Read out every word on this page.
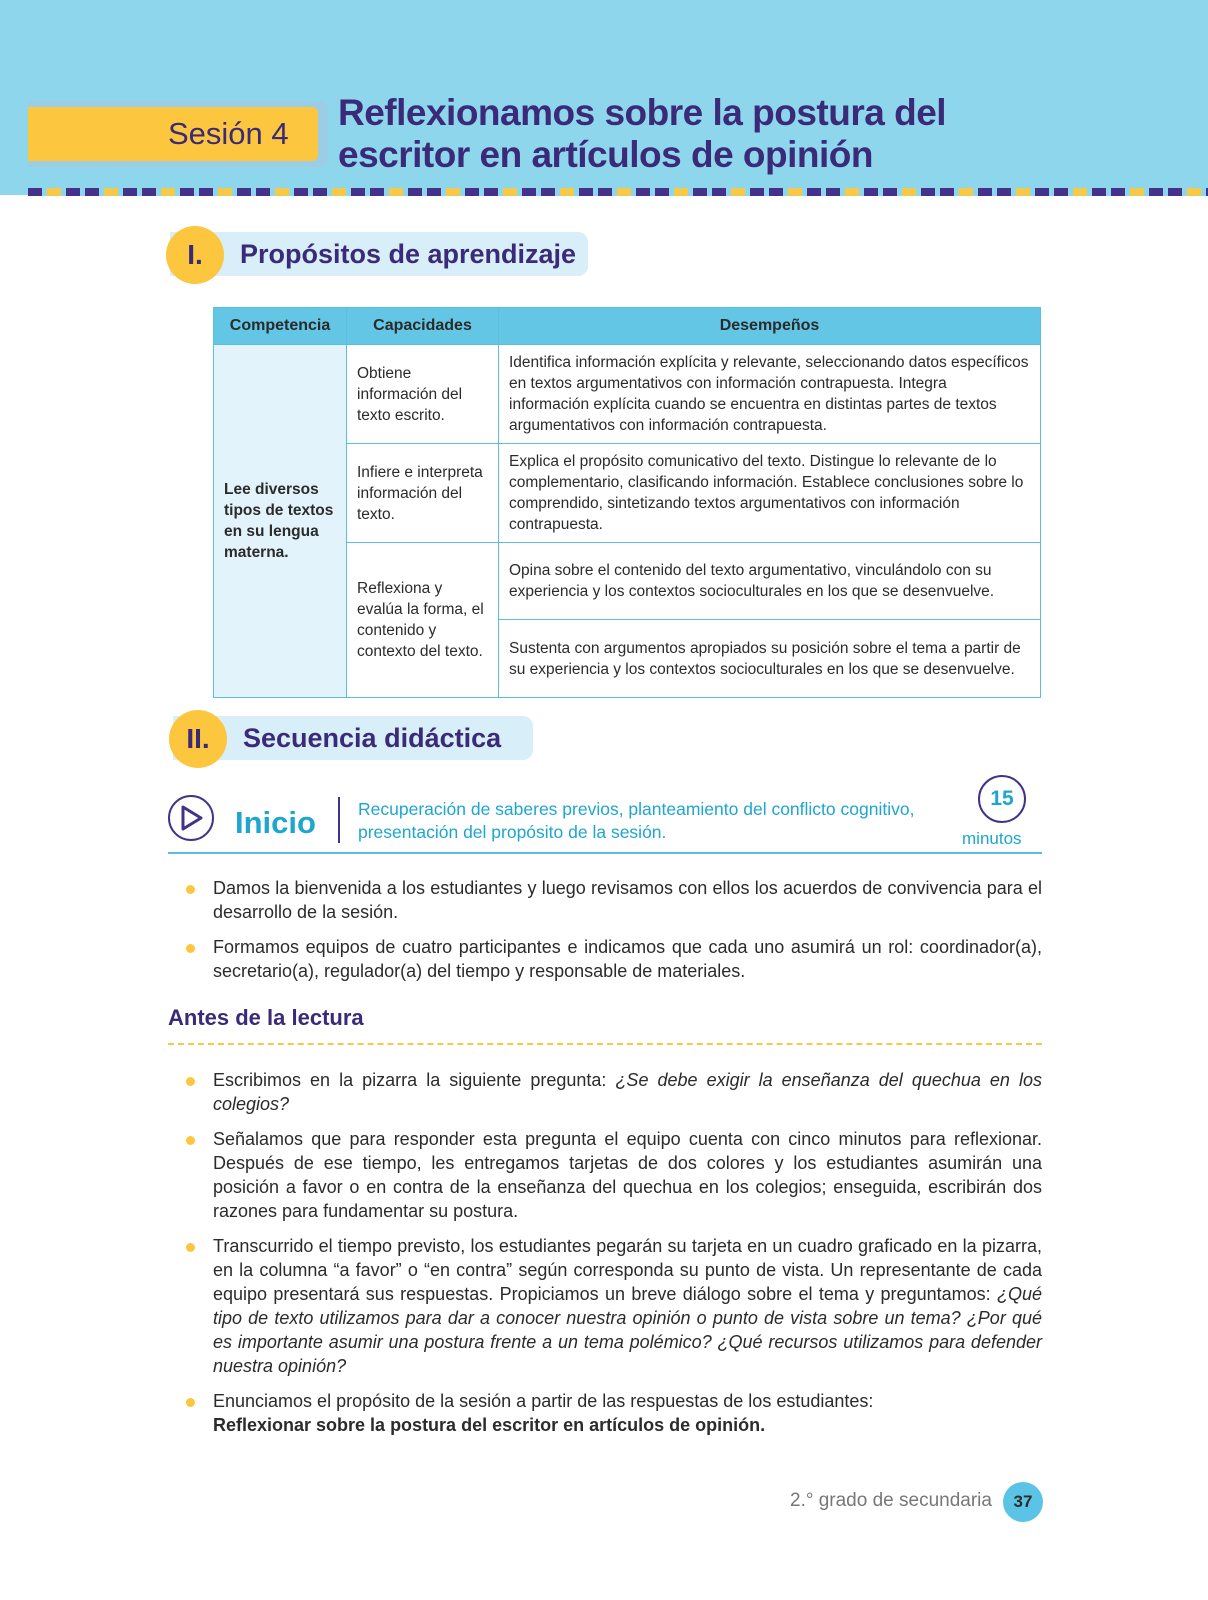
Sesión 4
Reflexionamos sobre la postura del
escritor en artículos de opinión
I.	Propósitos de aprendizaje
Competencia	Capacidades	Desempeños
Lee diversos tipos de textos en su lengua materna.	Obtiene información del texto escrito.	Identifica información explícita y relevante, seleccionando datos específicos en textos argumentativos con información contrapuesta. Integra información explícita cuando se encuentra en distintas partes de textos argumentativos con información contrapuesta.
	Infiere e interpreta información del texto.	Explica el propósito comunicativo del texto. Distingue lo relevante de lo complementario, clasificando información. Establece conclusiones sobre lo comprendido, sintetizando textos argumentativos con información contrapuesta.
	Reflexiona y evalúa la forma, el contenido y contexto del texto.	Opina sobre el contenido del texto argumentativo, vinculándolo con su experiencia y los contextos socioculturales en los que se desenvuelve.
		Sustenta con argumentos apropiados su posición sobre el tema a partir de su experiencia y los contextos socioculturales en los que se desenvuelve.
II.	Secuencia didáctica
Inicio Recuperación de saberes previos, planteamiento del conflicto cognitivo, presentación del propósito de la sesión.
15
minutos
Damos la bienvenida a los estudiantes y luego revisamos con ellos los acuerdos de convivencia para el desarrollo de la sesión.
Formamos equipos de cuatro participantes e indicamos que cada uno asumirá un rol: coordinador(a), secretario(a), regulador(a) del tiempo y responsable de materiales.
Antes de la lectura
Escribimos en la pizarra la siguiente pregunta: ¿Se debe exigir la enseñanza del quechua en los colegios?
Señalamos que para responder esta pregunta el equipo cuenta con cinco minutos para reflexionar. Después de ese tiempo, les entregamos tarjetas de dos colores y los estudiantes asumirán una posición a favor o en contra de la enseñanza del quechua en los colegios; enseguida, escribirán dos razones para fundamentar su postura.
Transcurrido el tiempo previsto, los estudiantes pegarán su tarjeta en un cuadro graficado en la pizarra, en la columna “a favor” o “en contra” según corresponda su punto de vista. Un representante de cada equipo presentará sus respuestas. Propiciamos un breve diálogo sobre el tema y preguntamos: ¿Qué tipo de texto utilizamos para dar a conocer nuestra opinión o punto de vista sobre un tema? ¿Por qué es importante asumir una postura frente a un tema polémico? ¿Qué recursos utilizamos para defender nuestra opinión?
Enunciamos el propósito de la sesión a partir de las respuestas de los estudiantes:
Reflexionar sobre la postura del escritor en artículos de opinión.
2.° grado de secundaria	37
